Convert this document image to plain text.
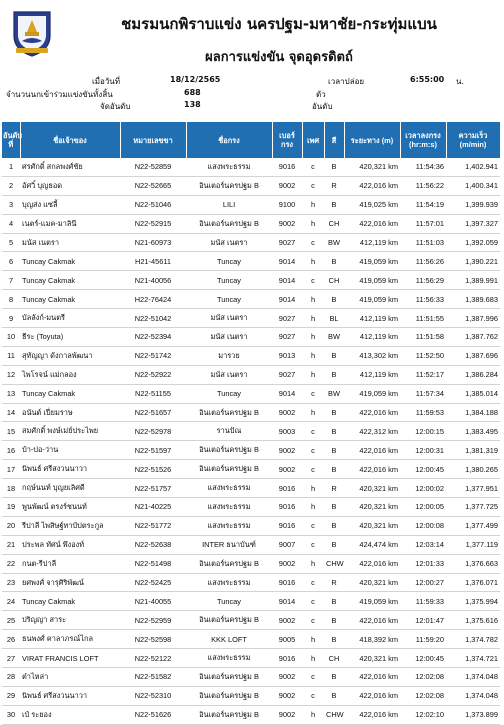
ชมรมนกพิราบแข่ง นครปฐม-มหาชัย-กระทุ่มแบน
ผลการแข่งขัน จุดอุดรดิตถ์
เมื่อวันที่	18/12/2565	เวลาปล่อย	6:55:00 น.
จำนวนนกเข้าร่วมแข่งขันทั้งสิ้น	688	ตัว
จัดอันดับ	138	อันดับ
อันดับที่	ชื่อเจ้าของ	หมายเลขขา	ชื่อกรง	เบอร์กรง	เพศ	สี	ระยะทาง (m)	เวลาลงกรง (hr:m:s)	ความเร็ว (m/min)
1	ศรศักดิ์ สกลพงศ์ชัย	N22-52859	แสงพระธรรม	9016	c	B	420,321 km	11:54:36	1,402.941
2	อัศวิ์ บุญธอด	N22-52665	อินเตอร์นครปฐม B	9002	c	R	422,016 km	11:56:22	1,400.341
3	บุญส่ง แซ่ลี้	N22-51046	LILI	9100	h	B	419,025 km	11:54:19	1,399.939
4	เนตร์-แมค-มาลินี	N22-52915	อินเตอร์นครปฐม B	9002	h	CH	422,016 km	11:57:01	1,397.327
5	มนัส เนตรา	N21-60973	มนัส เนตรา	9027	c	BW	412,119 km	11:51:03	1,392.059
6	Tuncay Cakmak	H21-45611	Tuncay	9014	h	B	419,059 km	11:56:26	1,390.221
7	Tuncay Cakmak	N21-40056	Tuncay	9014	c	CH	419,059 km	11:56:29	1,389.991
8	Tuncay Cakmak	H22-76424	Tuncay	9014	h	B	419,059 km	11:56:33	1,389.683
9	บัลลังก์-มนตรี	N22-51042	มนัส เนตรา	9027	h	BL	412,119 km	11:51:55	1,387.996
10	ธีระ (Toyuta)	N22-52394	มนัส เนตรา	9027	h	BW	412,119 km	11:51:58	1,387.762
11	สุทัญญา ดังกาลพัฒนา	N22-51742	มารวย	9013	h	B	413,302 km	11:52:50	1,387.696
12	ไพโรจน์ แม่กลอง	N22-52922	มนัส เนตรา	9027	h	B	412,119 km	11:52:17	1,386.284
13	Tuncay Cakmak	N22-51155	Tuncay	9014	c	BW	419,059 km	11:57:34	1,385.014
14	อนันต์ เปี่ยมราษ	N22-51657	อินเตอร์นครปฐม B	9002	h	B	422,016 km	11:59:53	1,384.188
15	สมศักดิ์ พงษ์เม่ย์ประไพย	N22-52978	รานปัณ	9003	c	B	422,312 km	12:00:15	1,383.495
16	ป๋า-ปอ-ว่าน	N22-51597	อินเตอร์นครปฐม B	9002	c	B	422,016 km	12:00:31	1,381.319
17	นิพนธ์ ศรีสงวนนาวา	N22-51526	อินเตอร์นครปฐม B	9002	c	B	422,016 km	12:00:45	1,380.265
18	กฤษ์นนท์ บุญยเลิศดี	N22-51757	แสงพระธรรม	9016	h	R	420,321 km	12:00:02	1,377.951
19	พูนพัฒน์ ตรงร์ชนนท์	N21-40225	แสงพระธรรม	9016	h	B	420,321 km	12:00:05	1,377.725
20	รีปาลี ไพสิษฐ์ทาบัปตระกูล	N22-51772	แสงพระธรรม	9016	c	B	420,321 km	12:00:08	1,377.499
21	ประพล ทัศน์ พึงองท์	N22-52638	INTER ธนาบันฑ์	9007	c	B	424,474 km	12:03:14	1,377.119
22	กนต-รีปาลี	N22-51498	อินเตอร์นครปฐม B	9002	h	CHW	422,016 km	12:01:33	1,376.663
23	ยศพงศ์ จารุศิริพัฒน์	N22-52425	แสงพระธรรม	9016	c	R	420,321 km	12:00:27	1,376.071
24	Tuncay Cakmak	N21-40055	Tuncay	9014	c	B	419,059 km	11:59:33	1,375.994
25	ปริญญา สาระ	N22-52959	อินเตอร์นครปฐม B	9002	c	B	422,016 km	12:01:47	1,375.616
26	ธนพงศ์ คาลาภรณ์ไกล	N22-52598	KKK LOFT	9005	h	B	418,392 km	11:59:20	1,374.782
27	VIRAT FRANCIS LOFT	N22-52122	แสงพระธรรม	9016	h	CH	420,321 km	12:00:45	1,374.721
28	ต๋าไหล่า	N22-51582	อินเตอร์นครปฐม B	9002	c	B	422,016 km	12:02:08	1,374.048
29	นิพนธ์ ศรีสงวนนาวา	N22-52310	อินเตอร์นครปฐม B	9002	c	B	422,016 km	12:02:08	1,374.048
30	เป๋ ระยอง	N22-51626	อินเตอร์นครปฐม B	9002	h	CHW	422,016 km	12:02:10	1,373.899
